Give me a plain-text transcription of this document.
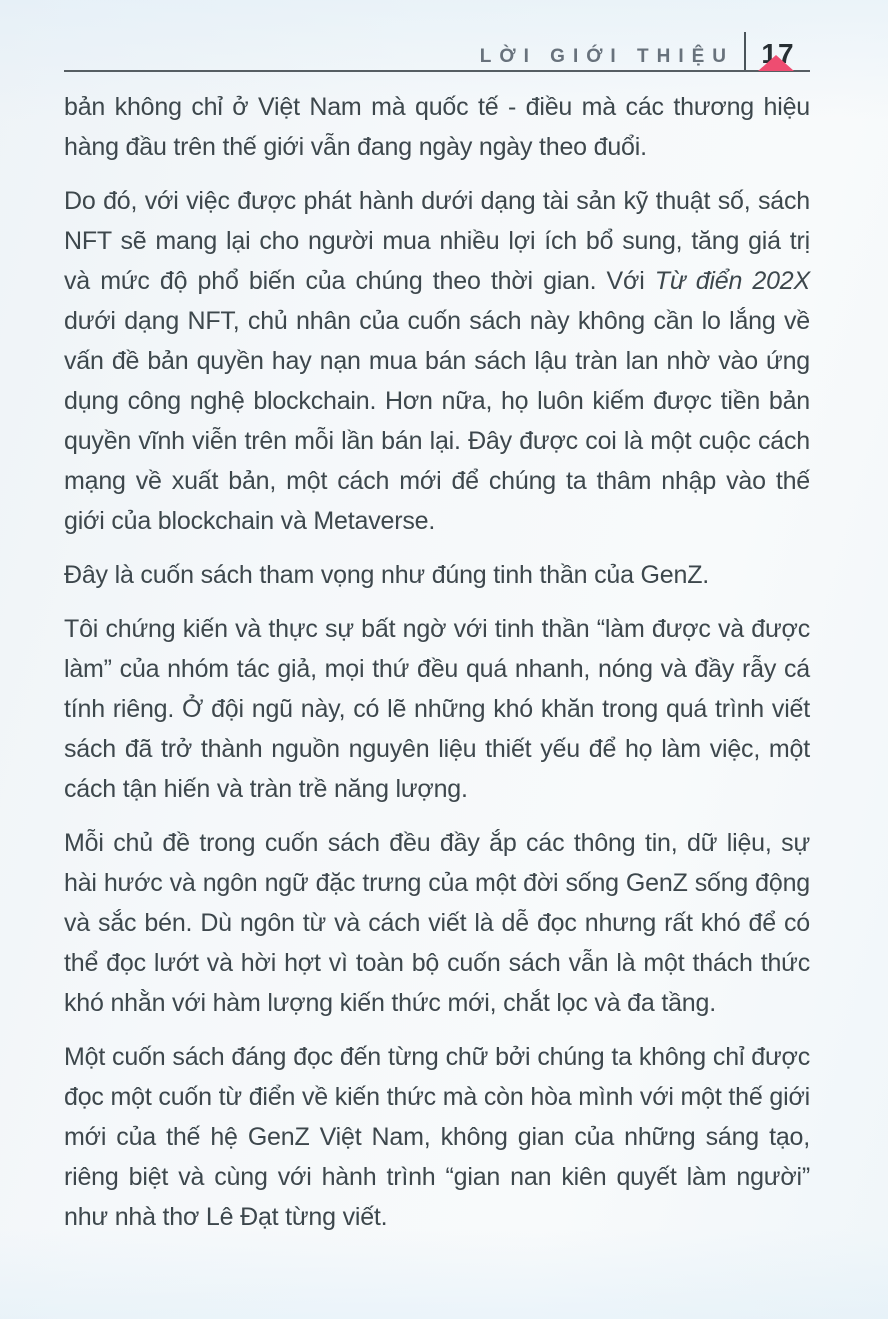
LỜI GIỚI THIỆU 17

bản không chỉ ở Việt Nam mà quốc tế - điều mà các thương hiệu hàng đầu trên thế giới vẫn đang ngày ngày theo đuổi.

Do đó, với việc được phát hành dưới dạng tài sản kỹ thuật số, sách NFT sẽ mang lại cho người mua nhiều lợi ích bổ sung, tăng giá trị và mức độ phổ biến của chúng theo thời gian. Với Từ điển 202X dưới dạng NFT, chủ nhân của cuốn sách này không cần lo lắng về vấn đề bản quyền hay nạn mua bán sách lậu tràn lan nhờ vào ứng dụng công nghệ blockchain. Hơn nữa, họ luôn kiếm được tiền bản quyền vĩnh viễn trên mỗi lần bán lại. Đây được coi là một cuộc cách mạng về xuất bản, một cách mới để chúng ta thâm nhập vào thế giới của blockchain và Metaverse.

Đây là cuốn sách tham vọng như đúng tinh thần của GenZ.

Tôi chứng kiến và thực sự bất ngờ với tinh thần “làm được và được làm” của nhóm tác giả, mọi thứ đều quá nhanh, nóng và đầy rẫy cá tính riêng. Ở đội ngũ này, có lẽ những khó khăn trong quá trình viết sách đã trở thành nguồn nguyên liệu thiết yếu để họ làm việc, một cách tận hiến và tràn trề năng lượng.

Mỗi chủ đề trong cuốn sách đều đầy ắp các thông tin, dữ liệu, sự hài hước và ngôn ngữ đặc trưng của một đời sống GenZ sống động và sắc bén. Dù ngôn từ và cách viết là dễ đọc nhưng rất khó để có thể đọc lướt và hời hợt vì toàn bộ cuốn sách vẫn là một thách thức khó nhằn với hàm lượng kiến thức mới, chắt lọc và đa tầng.

Một cuốn sách đáng đọc đến từng chữ bởi chúng ta không chỉ được đọc một cuốn từ điển về kiến thức mà còn hòa mình với một thế giới mới của thế hệ GenZ Việt Nam, không gian của những sáng tạo, riêng biệt và cùng với hành trình “gian nan kiên quyết làm người” như nhà thơ Lê Đạt từng viết.
